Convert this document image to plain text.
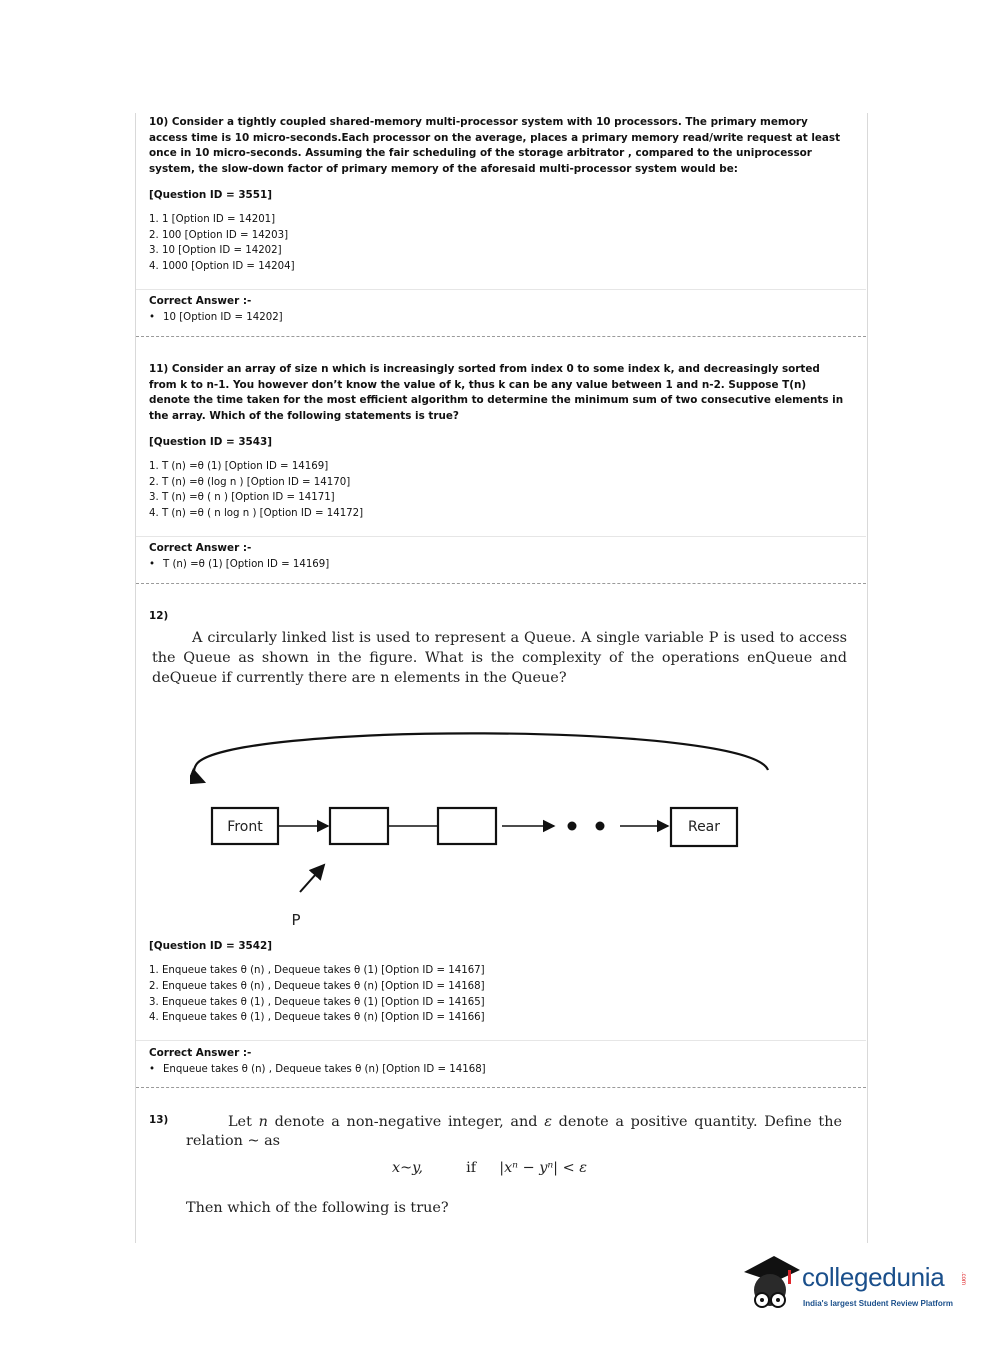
10) Consider a tightly coupled shared-memory multi-processor system with 10 processors. The primary memory access time is 10 micro-seconds.Each processor on the average, places a primary memory read/write request at least once in 10 micro-seconds. Assuming the fair scheduling of the storage arbitrator , compared to the uniprocessor system, the slow-down factor of primary memory of the aforesaid multi-processor system would be:

[Question ID = 3551]

1. 1 [Option ID = 14201]
2. 100 [Option ID = 14203]
3. 10 [Option ID = 14202]
4. 1000 [Option ID = 14204]

Correct Answer :-

• 10 [Option ID = 14202]

11) Consider an array of size n which is increasingly sorted from index 0 to some index k, and decreasingly sorted from k to n-1. You however don’t know the value of k, thus k can be any value between 1 and n-2. Suppose T(n) denote the time taken for the most efficient algorithm to determine the minimum sum of two consecutive elements in the array. Which of the following statements is true?

[Question ID = 3543]

1. T (n) =θ (1) [Option ID = 14169]
2. T (n) =θ (log n ) [Option ID = 14170]
3. T (n) =θ ( n ) [Option ID = 14171]
4. T (n) =θ ( n log n ) [Option ID = 14172]

Correct Answer :-

• T (n) =θ (1) [Option ID = 14169]

12)
A circularly linked list is used to represent a Queue. A single variable P is used to access the Queue as shown in the figure. What is the complexity of the operations enQueue and deQueue if currently there are n elements in the Queue?
Front	Rear
P

[Question ID = 3542]

1. Enqueue takes θ (n) , Dequeue takes θ (1) [Option ID = 14167]
2. Enqueue takes θ (n) , Dequeue takes θ (n) [Option ID = 14168]
3. Enqueue takes θ (1) , Dequeue takes θ (1) [Option ID = 14165]
4. Enqueue takes θ (1) , Dequeue takes θ (n) [Option ID = 14166]

Correct Answer :-

• Enqueue takes θ (n) , Dequeue takes θ (n) [Option ID = 14168]

13)	Let n denote a non-negative integer, and ε denote a positive quantity. Define the
relation ~ as
x~y,	if |xⁿ − yⁿ| < ε
Then which of the following is true?
collegedunia	.com
India's largest Student Review Platform
